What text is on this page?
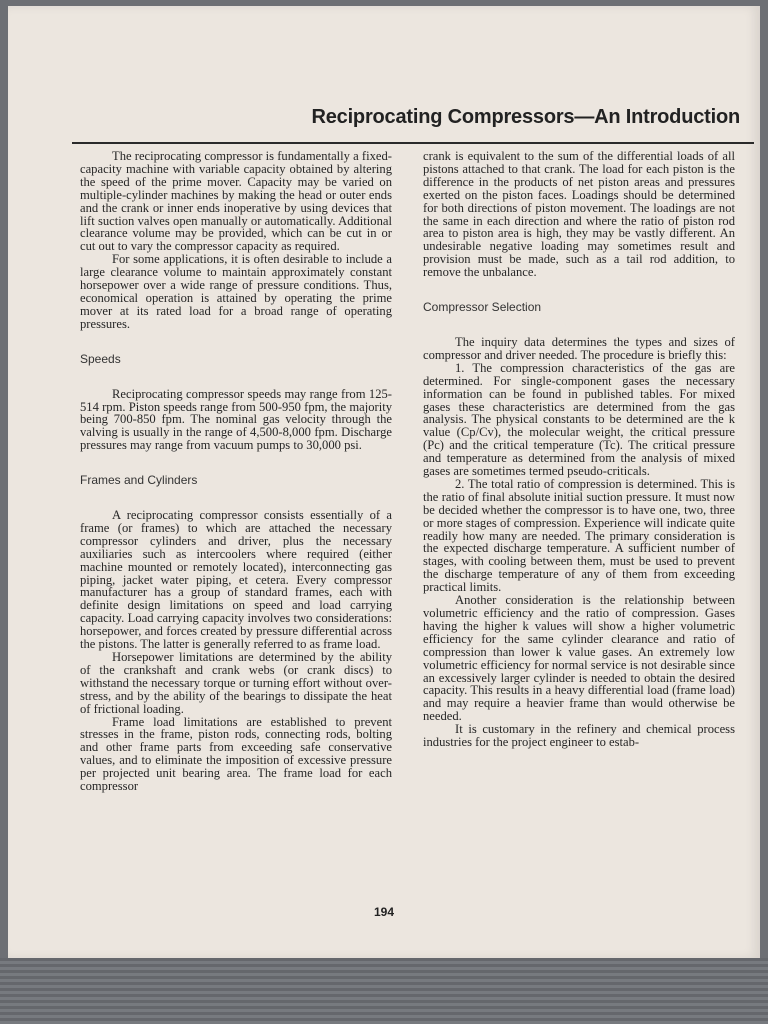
Reciprocating Compressors—An Introduction

The reciprocating compressor is fundamentally a fixed-capacity machine with variable capacity obtained by altering the speed of the prime mover. Capacity may be varied on multiple-cylinder machines by making the head or outer ends and the crank or inner ends inoperative by using devices that lift suction valves open manually or automatically. Additional clearance volume may be provided, which can be cut in or cut out to vary the compressor capacity as required.

For some applications, it is often desirable to include a large clearance volume to maintain approximately constant horsepower over a wide range of pressure conditions. Thus, economical operation is attained by operating the prime mover at its rated load for a broad range of operating pressures.

Speeds

Reciprocating compressor speeds may range from 125-514 rpm. Piston speeds range from 500-950 fpm, the majority being 700-850 fpm. The nominal gas velocity through the valving is usually in the range of 4,500-8,000 fpm. Discharge pressures may range from vacuum pumps to 30,000 psi.

Frames and Cylinders

A reciprocating compressor consists essentially of a frame (or frames) to which are attached the necessary compressor cylinders and driver, plus the necessary auxiliaries such as intercoolers where required (either machine mounted or remotely located), interconnecting gas piping, jacket water piping, et cetera. Every compressor manufacturer has a group of standard frames, each with definite design limitations on speed and load carrying capacity. Load carrying capacity involves two considerations: horsepower, and forces created by pressure differential across the pistons. The latter is generally referred to as frame load.

Horsepower limitations are determined by the ability of the crankshaft and crank webs (or crank discs) to withstand the necessary torque or turning effort without over-stress, and by the ability of the bearings to dissipate the heat of frictional loading.

Frame load limitations are established to prevent stresses in the frame, piston rods, connecting rods, bolting and other frame parts from exceeding safe conservative values, and to eliminate the imposition of excessive pressure per projected unit bearing area. The frame load for each compressor

crank is equivalent to the sum of the differential loads of all pistons attached to that crank. The load for each piston is the difference in the products of net piston areas and pressures exerted on the piston faces. Loadings should be determined for both directions of piston movement. The loadings are not the same in each direction and where the ratio of piston rod area to piston area is high, they may be vastly different. An undesirable negative loading may sometimes result and provision must be made, such as a tail rod addition, to remove the unbalance.

Compressor Selection

The inquiry data determines the types and sizes of compressor and driver needed. The procedure is briefly this:

1. The compression characteristics of the gas are determined. For single-component gases the necessary information can be found in published tables. For mixed gases these characteristics are determined from the gas analysis. The physical constants to be determined are the k value (Cp/Cv), the molecular weight, the critical pressure (Pc) and the critical temperature (Tc). The critical pressure and temperature as determined from the analysis of mixed gases are sometimes termed pseudo-criticals.

2. The total ratio of compression is determined. This is the ratio of final absolute initial suction pressure. It must now be decided whether the compressor is to have one, two, three or more stages of compression. Experience will indicate quite readily how many are needed. The primary consideration is the expected discharge temperature. A sufficient number of stages, with cooling between them, must be used to prevent the discharge temperature of any of them from exceeding practical limits.

Another consideration is the relationship between volumetric efficiency and the ratio of compression. Gases having the higher k values will show a higher volumetric efficiency for the same cylinder clearance and ratio of compression than lower k value gases. An extremely low volumetric efficiency for normal service is not desirable since an excessively larger cylinder is needed to obtain the desired capacity. This results in a heavy differential load (frame load) and may require a heavier frame than would otherwise be needed.

It is customary in the refinery and chemical process industries for the project engineer to estab-

194
